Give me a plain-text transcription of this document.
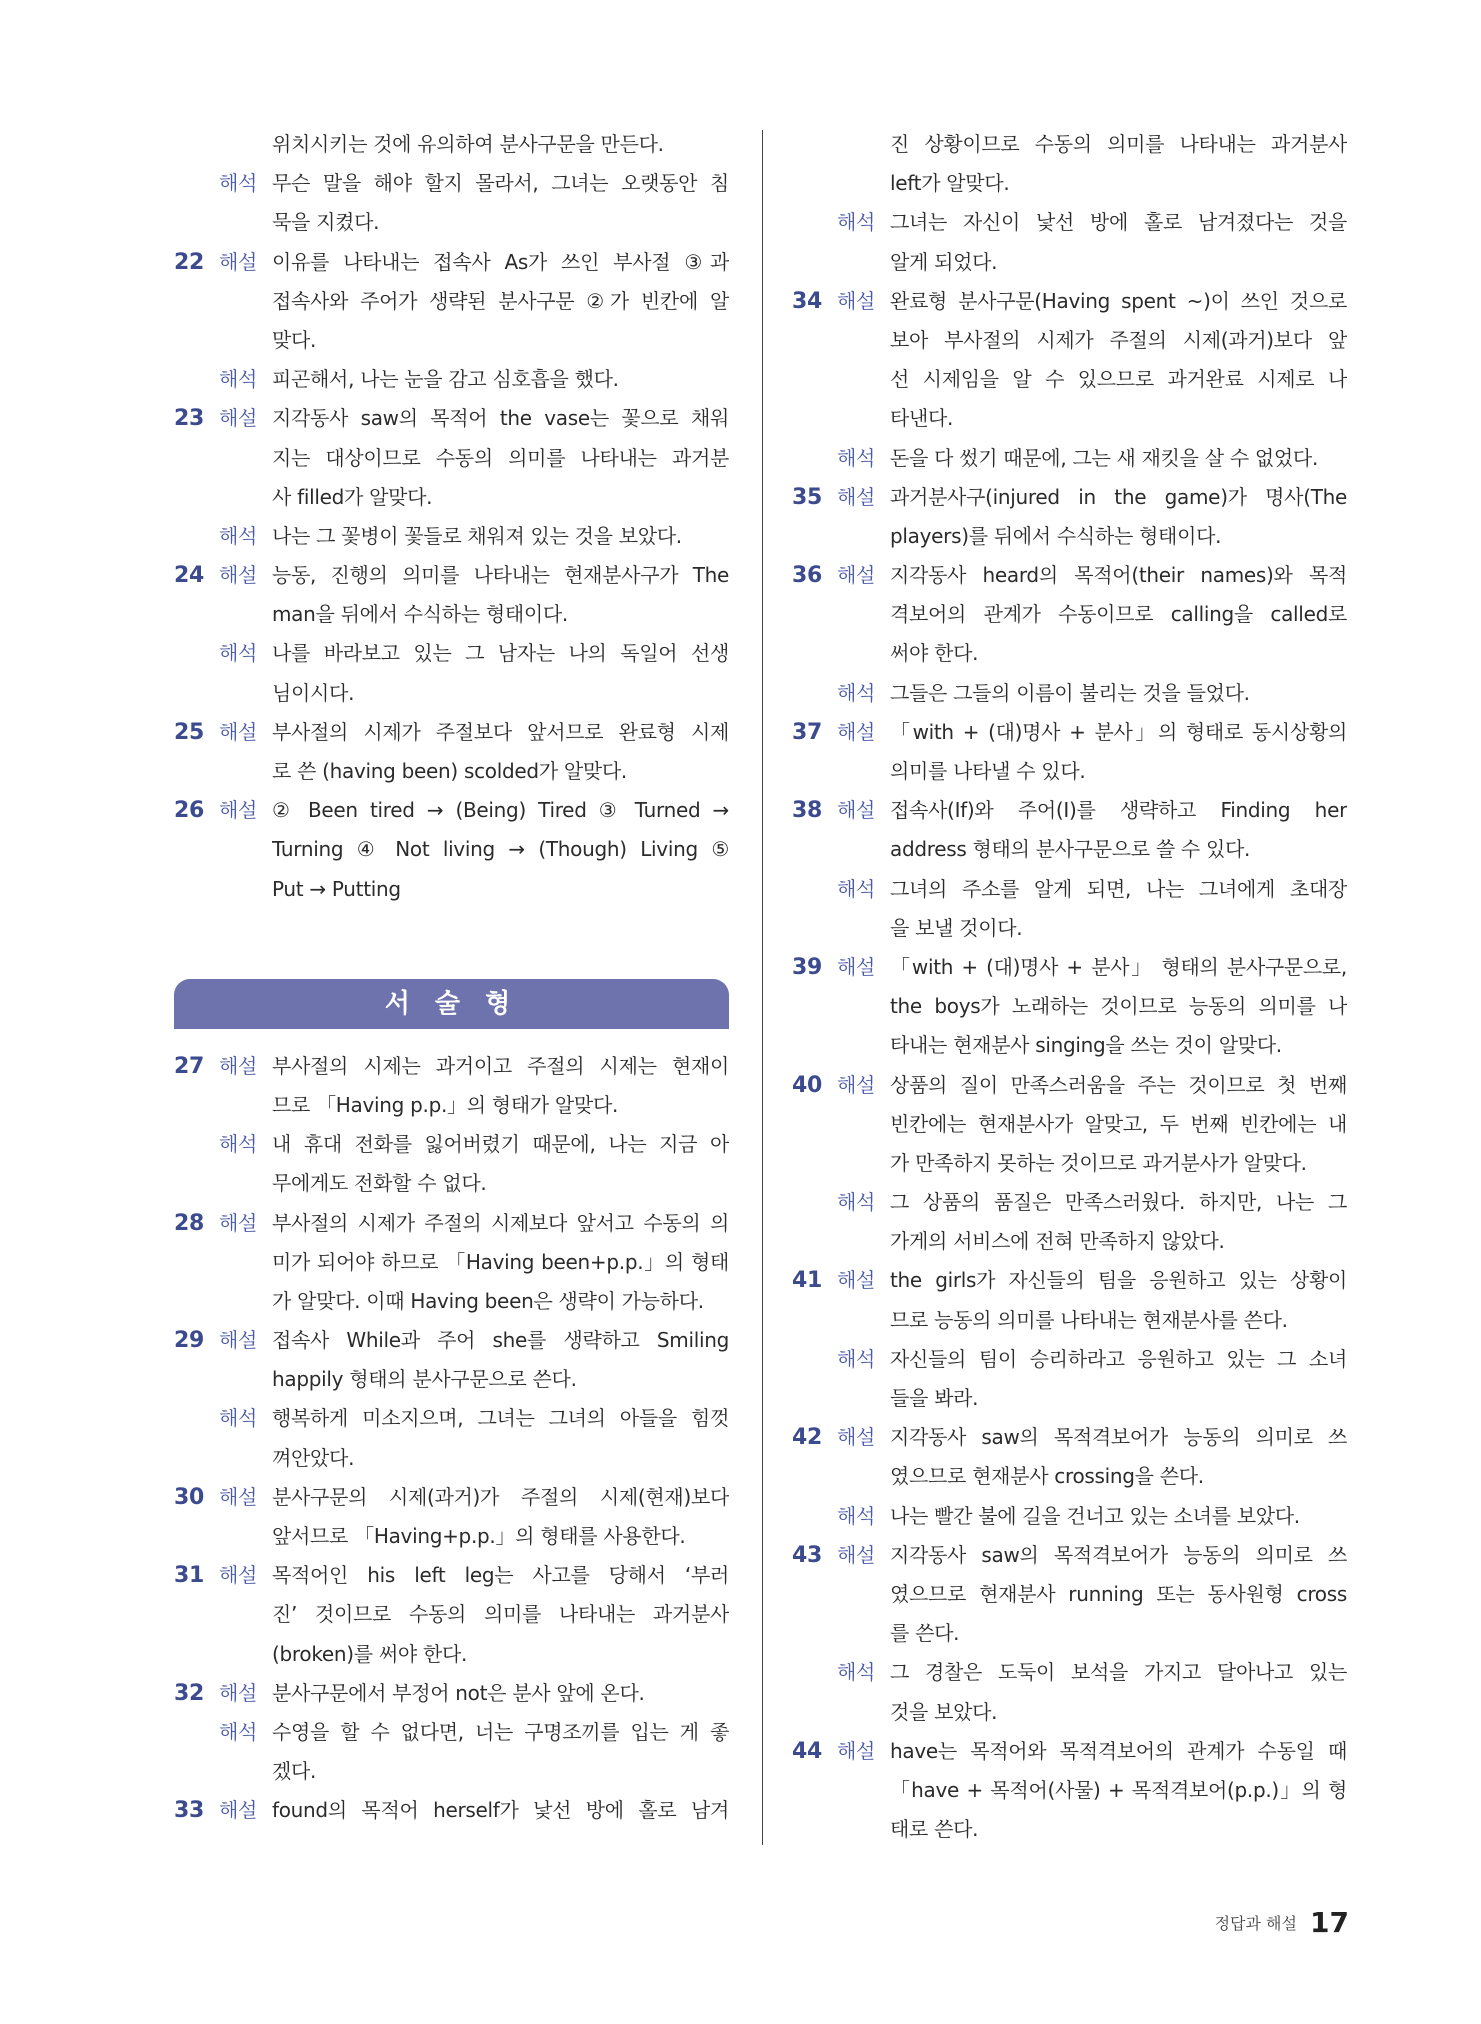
위치시키는 것에 유의하여 분사구문을 만든다.
해석 무슨 말을 해야 할지 몰라서, 그녀는 오랫동안 침
묵을 지켰다.
22 해설 이유를 나타내는 접속사 As가 쓰인 부사절 ③과
접속사와 주어가 생략된 분사구문 ②가 빈칸에 알
맞다.
해석 피곤해서, 나는 눈을 감고 심호흡을 했다.
23 해설 지각동사 saw의 목적어 the vase는 꽃으로 채워
지는 대상이므로 수동의 의미를 나타내는 과거분
사 filled가 알맞다.
해석 나는 그 꽃병이 꽃들로 채워져 있는 것을 보았다.
24 해설 능동, 진행의 의미를 나타내는 현재분사구가 The
man을 뒤에서 수식하는 형태이다.
해석 나를 바라보고 있는 그 남자는 나의 독일어 선생
님이시다.
25 해설 부사절의 시제가 주절보다 앞서므로 완료형 시제
로 쓴 (having been) scolded가 알맞다.
26 해설 ② Been tired → (Being) Tired ③ Turned →
Turning ④ Not living → (Though) Living ⑤
Put → Putting
서 술 형
27 해설 부사절의 시제는 과거이고 주절의 시제는 현재이
므로 「Having p.p.」의 형태가 알맞다.
해석 내 휴대 전화를 잃어버렸기 때문에, 나는 지금 아
무에게도 전화할 수 없다.
28 해설 부사절의 시제가 주절의 시제보다 앞서고 수동의 의
미가 되어야 하므로 「Having been+p.p.」의 형태
가 알맞다. 이때 Having been은 생략이 가능하다.
29 해설 접속사 While과 주어 she를 생략하고 Smiling
happily 형태의 분사구문으로 쓴다.
해석 행복하게 미소지으며, 그녀는 그녀의 아들을 힘껏
껴안았다.
30 해설 분사구문의 시제(과거)가 주절의 시제(현재)보다
앞서므로 「Having+p.p.」의 형태를 사용한다.
31 해설 목적어인 his left leg는 사고를 당해서 ‘부러
진’ 것이므로 수동의 의미를 나타내는 과거분사
(broken)를 써야 한다.
32 해설 분사구문에서 부정어 not은 분사 앞에 온다.
해석 수영을 할 수 없다면, 너는 구명조끼를 입는 게 좋
겠다.
33 해설 found의 목적어 herself가 낯선 방에 홀로 남겨
진 상황이므로 수동의 의미를 나타내는 과거분사
left가 알맞다.
해석 그녀는 자신이 낯선 방에 홀로 남겨졌다는 것을
알게 되었다.
34 해설 완료형 분사구문(Having spent ~)이 쓰인 것으로
보아 부사절의 시제가 주절의 시제(과거)보다 앞
선 시제임을 알 수 있으므로 과거완료 시제로 나
타낸다.
해석 돈을 다 썼기 때문에, 그는 새 재킷을 살 수 없었다.
35 해설 과거분사구(injured in the game)가 명사(The
players)를 뒤에서 수식하는 형태이다.
36 해설 지각동사 heard의 목적어(their names)와 목적
격보어의 관계가 수동이므로 calling을 called로
써야 한다.
해석 그들은 그들의 이름이 불리는 것을 들었다.
37 해설 「with + (대)명사 + 분사」의 형태로 동시상황의
의미를 나타낼 수 있다.
38 해설 접속사(If)와 주어(I)를 생략하고 Finding her
address 형태의 분사구문으로 쓸 수 있다.
해석 그녀의 주소를 알게 되면, 나는 그녀에게 초대장
을 보낼 것이다.
39 해설 「with + (대)명사 + 분사」 형태의 분사구문으로,
the boys가 노래하는 것이므로 능동의 의미를 나
타내는 현재분사 singing을 쓰는 것이 알맞다.
40 해설 상품의 질이 만족스러움을 주는 것이므로 첫 번째
빈칸에는 현재분사가 알맞고, 두 번째 빈칸에는 내
가 만족하지 못하는 것이므로 과거분사가 알맞다.
해석 그 상품의 품질은 만족스러웠다. 하지만, 나는 그
가게의 서비스에 전혀 만족하지 않았다.
41 해설 the girls가 자신들의 팀을 응원하고 있는 상황이
므로 능동의 의미를 나타내는 현재분사를 쓴다.
해석 자신들의 팀이 승리하라고 응원하고 있는 그 소녀
들을 봐라.
42 해설 지각동사 saw의 목적격보어가 능동의 의미로 쓰
였으므로 현재분사 crossing을 쓴다.
해석 나는 빨간 불에 길을 건너고 있는 소녀를 보았다.
43 해설 지각동사 saw의 목적격보어가 능동의 의미로 쓰
였으므로 현재분사 running 또는 동사원형 cross
를 쓴다.
해석 그 경찰은 도둑이 보석을 가지고 달아나고 있는
것을 보았다.
44 해설 have는 목적어와 목적격보어의 관계가 수동일 때
「have + 목적어(사물) + 목적격보어(p.p.)」의 형
태로 쓴다.
정답과 해설 17
